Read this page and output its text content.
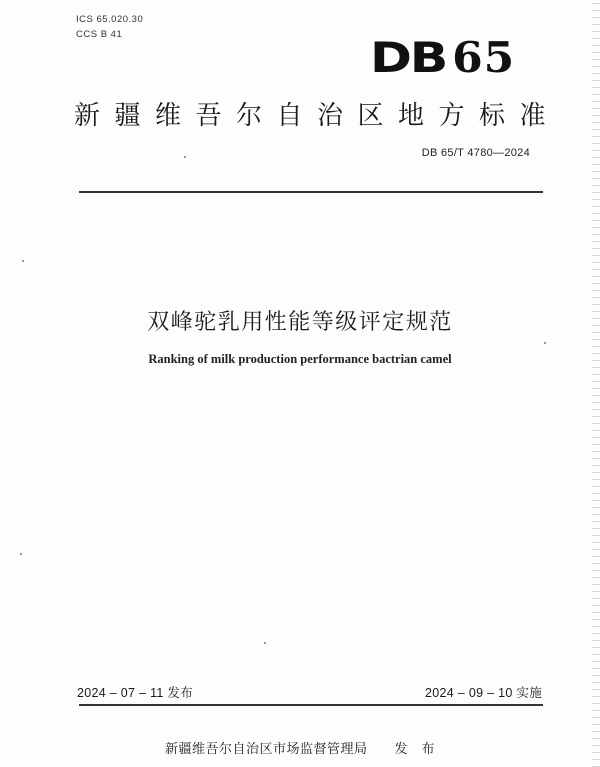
ICS 65.020.30
CCS B 41	DB 65
新疆维吾尔自治区地方标准
DB 65/T 4780—2024
双峰驼乳用性能等级评定规范
Ranking of milk production performance bactrian camel
2024 – 07 – 11 发布	2024 – 09 – 10 实施
新疆维吾尔自治区市场监督管理局　　发　布
